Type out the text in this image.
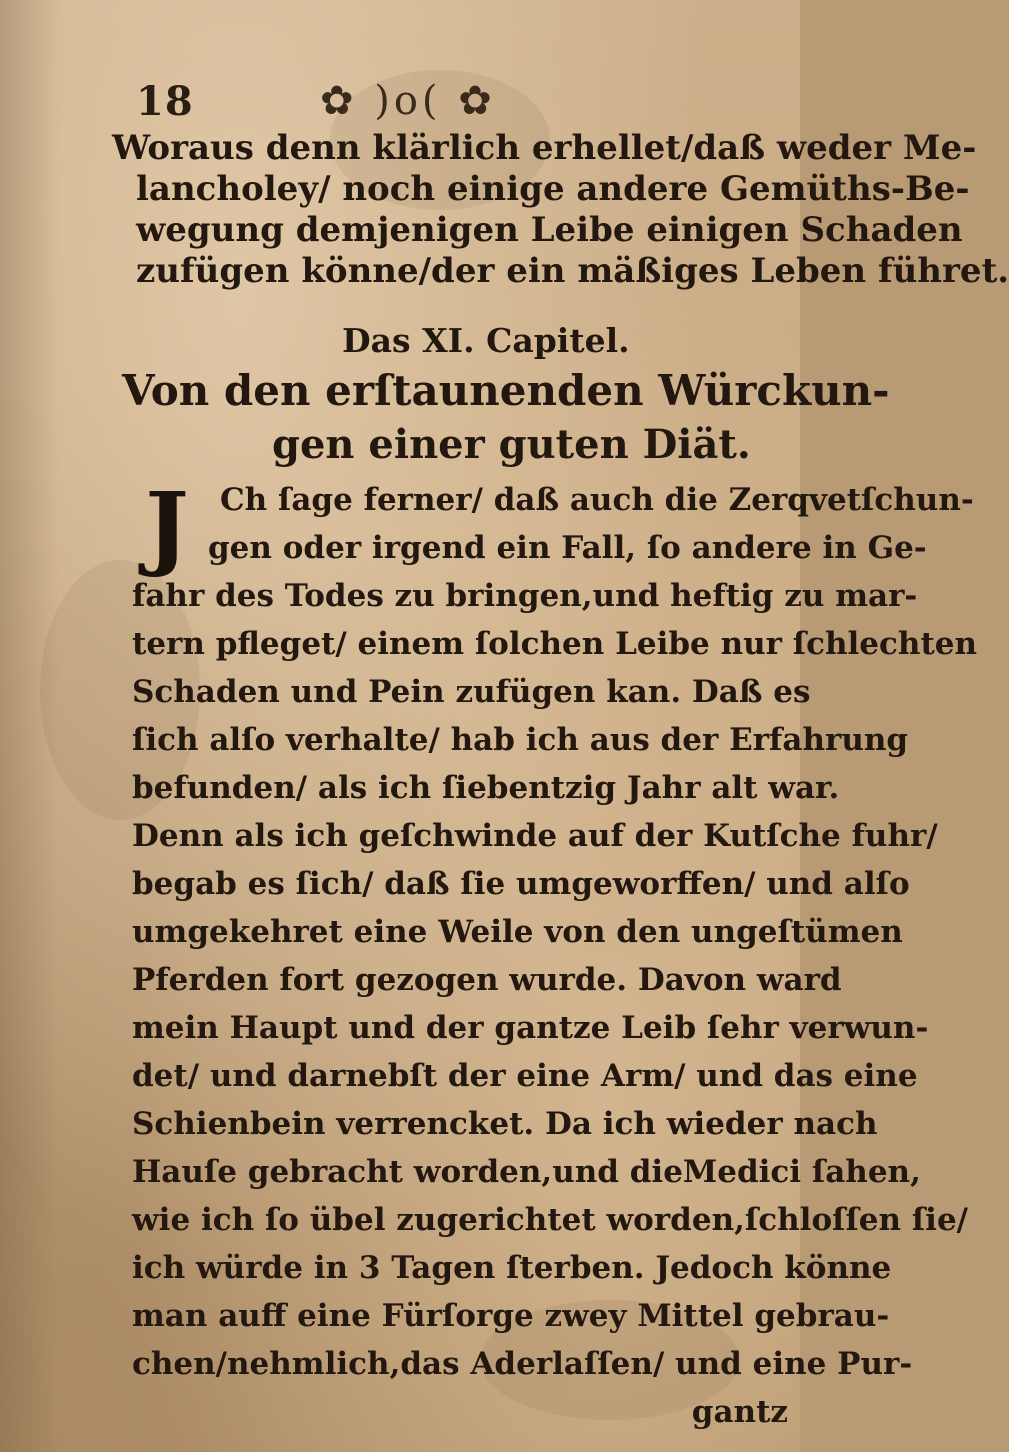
18	✿ )o( ✿
Woraus denn klärlich erhellet/daß weder Me-
lancholey/ noch einige andere Gemüths-Be-
wegung demjenigen Leibe einigen Schaden
zufügen könne/der ein mäßiges Leben führet.
Das XI. Capitel.
Von den erſtaunenden Würckun-
gen einer guten Diät.
J	Ch ſage ferner/ daß auch die Zerqvetſchun-
gen oder irgend ein Fall, ſo andere in Ge-
fahr des Todes zu bringen,und heftig zu mar-
tern pfleget/ einem ſolchen Leibe nur ſchlechten
Schaden und Pein zufügen kan. Daß es
ſich alſo verhalte/ hab ich aus der Erfahrung
befunden/ als ich ſiebentzig Jahr alt war.
Denn als ich geſchwinde auf der Kutſche fuhr/
begab es ſich/ daß ſie umgeworffen/ und alſo
umgekehret eine Weile von den ungeſtümen
Pferden fort gezogen wurde. Davon ward
mein Haupt und der gantze Leib ſehr verwun-
det/ und darnebſt der eine Arm/ und das eine
Schienbein verrencket. Da ich wieder nach
Hauſe gebracht worden,und dieMedici ſahen,
wie ich ſo übel zugerichtet worden,ſchloſſen ſie/
ich würde in 3 Tagen ſterben. Jedoch könne
man auff eine Fürſorge zwey Mittel gebrau-
chen/nehmlich,das Aderlaſſen/ und eine Pur-
gantz
